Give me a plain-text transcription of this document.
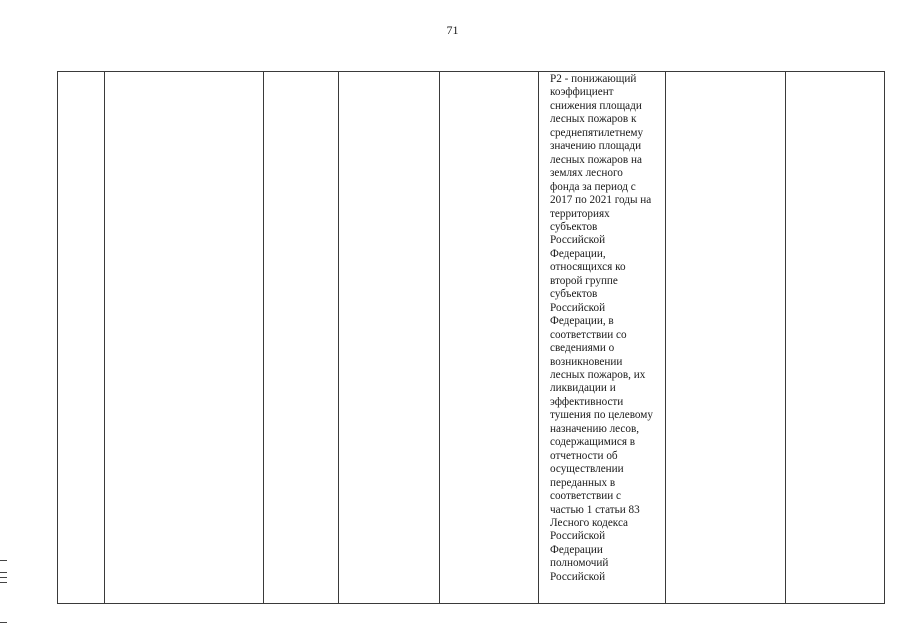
71
Р2 - понижающий
коэффициент
снижения площади
лесных пожаров к
среднепятилетнему
значению площади
лесных пожаров на
землях лесного
фонда за период с
2017 по 2021 годы на
территориях
субъектов
Российской
Федерации,
относящихся ко
второй группе
субъектов
Российской
Федерации, в
соответствии со
сведениями о
возникновении
лесных пожаров, их
ликвидации и
эффективности
тушения по целевому
назначению лесов,
содержащимися в
отчетности об
осуществлении
переданных в
соответствии с
частью 1 статьи 83
Лесного кодекса
Российской
Федерации
полномочий
Российской
